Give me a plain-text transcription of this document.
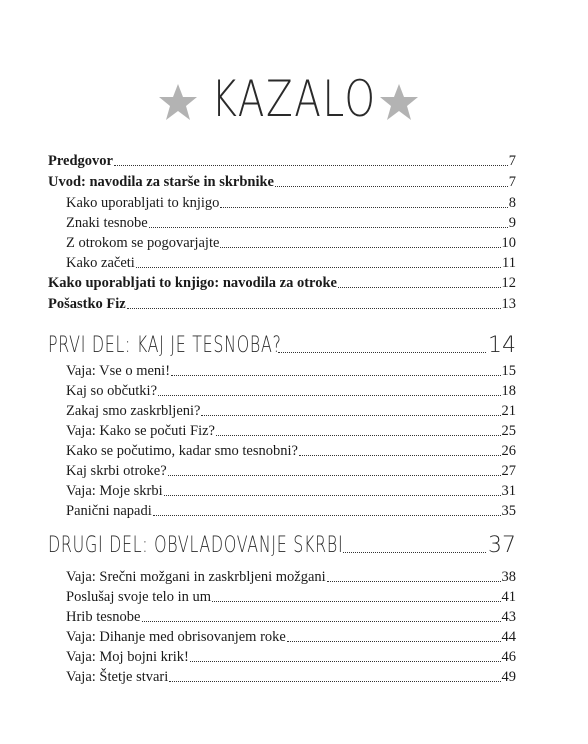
KAZALO
Predgovor	7
Uvod: navodila za starše in skrbnike	7
Kako uporabljati to knjigo	8
Znaki tesnobe	9
Z otrokom se pogovarjajte	10
Kako začeti	11
Kako uporabljati to knjigo: navodila za otroke	12
Pošastko Fiz	13
PRVI DEL: KAJ JE TESNOBA?	14
Vaja: Vse o meni!	15
Kaj so občutki?	18
Zakaj smo zaskrbljeni?	21
Vaja: Kako se počuti Fiz?	25
Kako se počutimo, kadar smo tesnobni?	26
Kaj skrbi otroke?	27
Vaja: Moje skrbi	31
Panični napadi	35
DRUGI DEL: OBVLADOVANJE SKRBI	37
Vaja: Srečni možgani in zaskrbljeni možgani	38
Poslušaj svoje telo in um	41
Hrib tesnobe	43
Vaja: Dihanje med obrisovanjem roke	44
Vaja: Moj bojni krik!	46
Vaja: Štetje stvari	49
